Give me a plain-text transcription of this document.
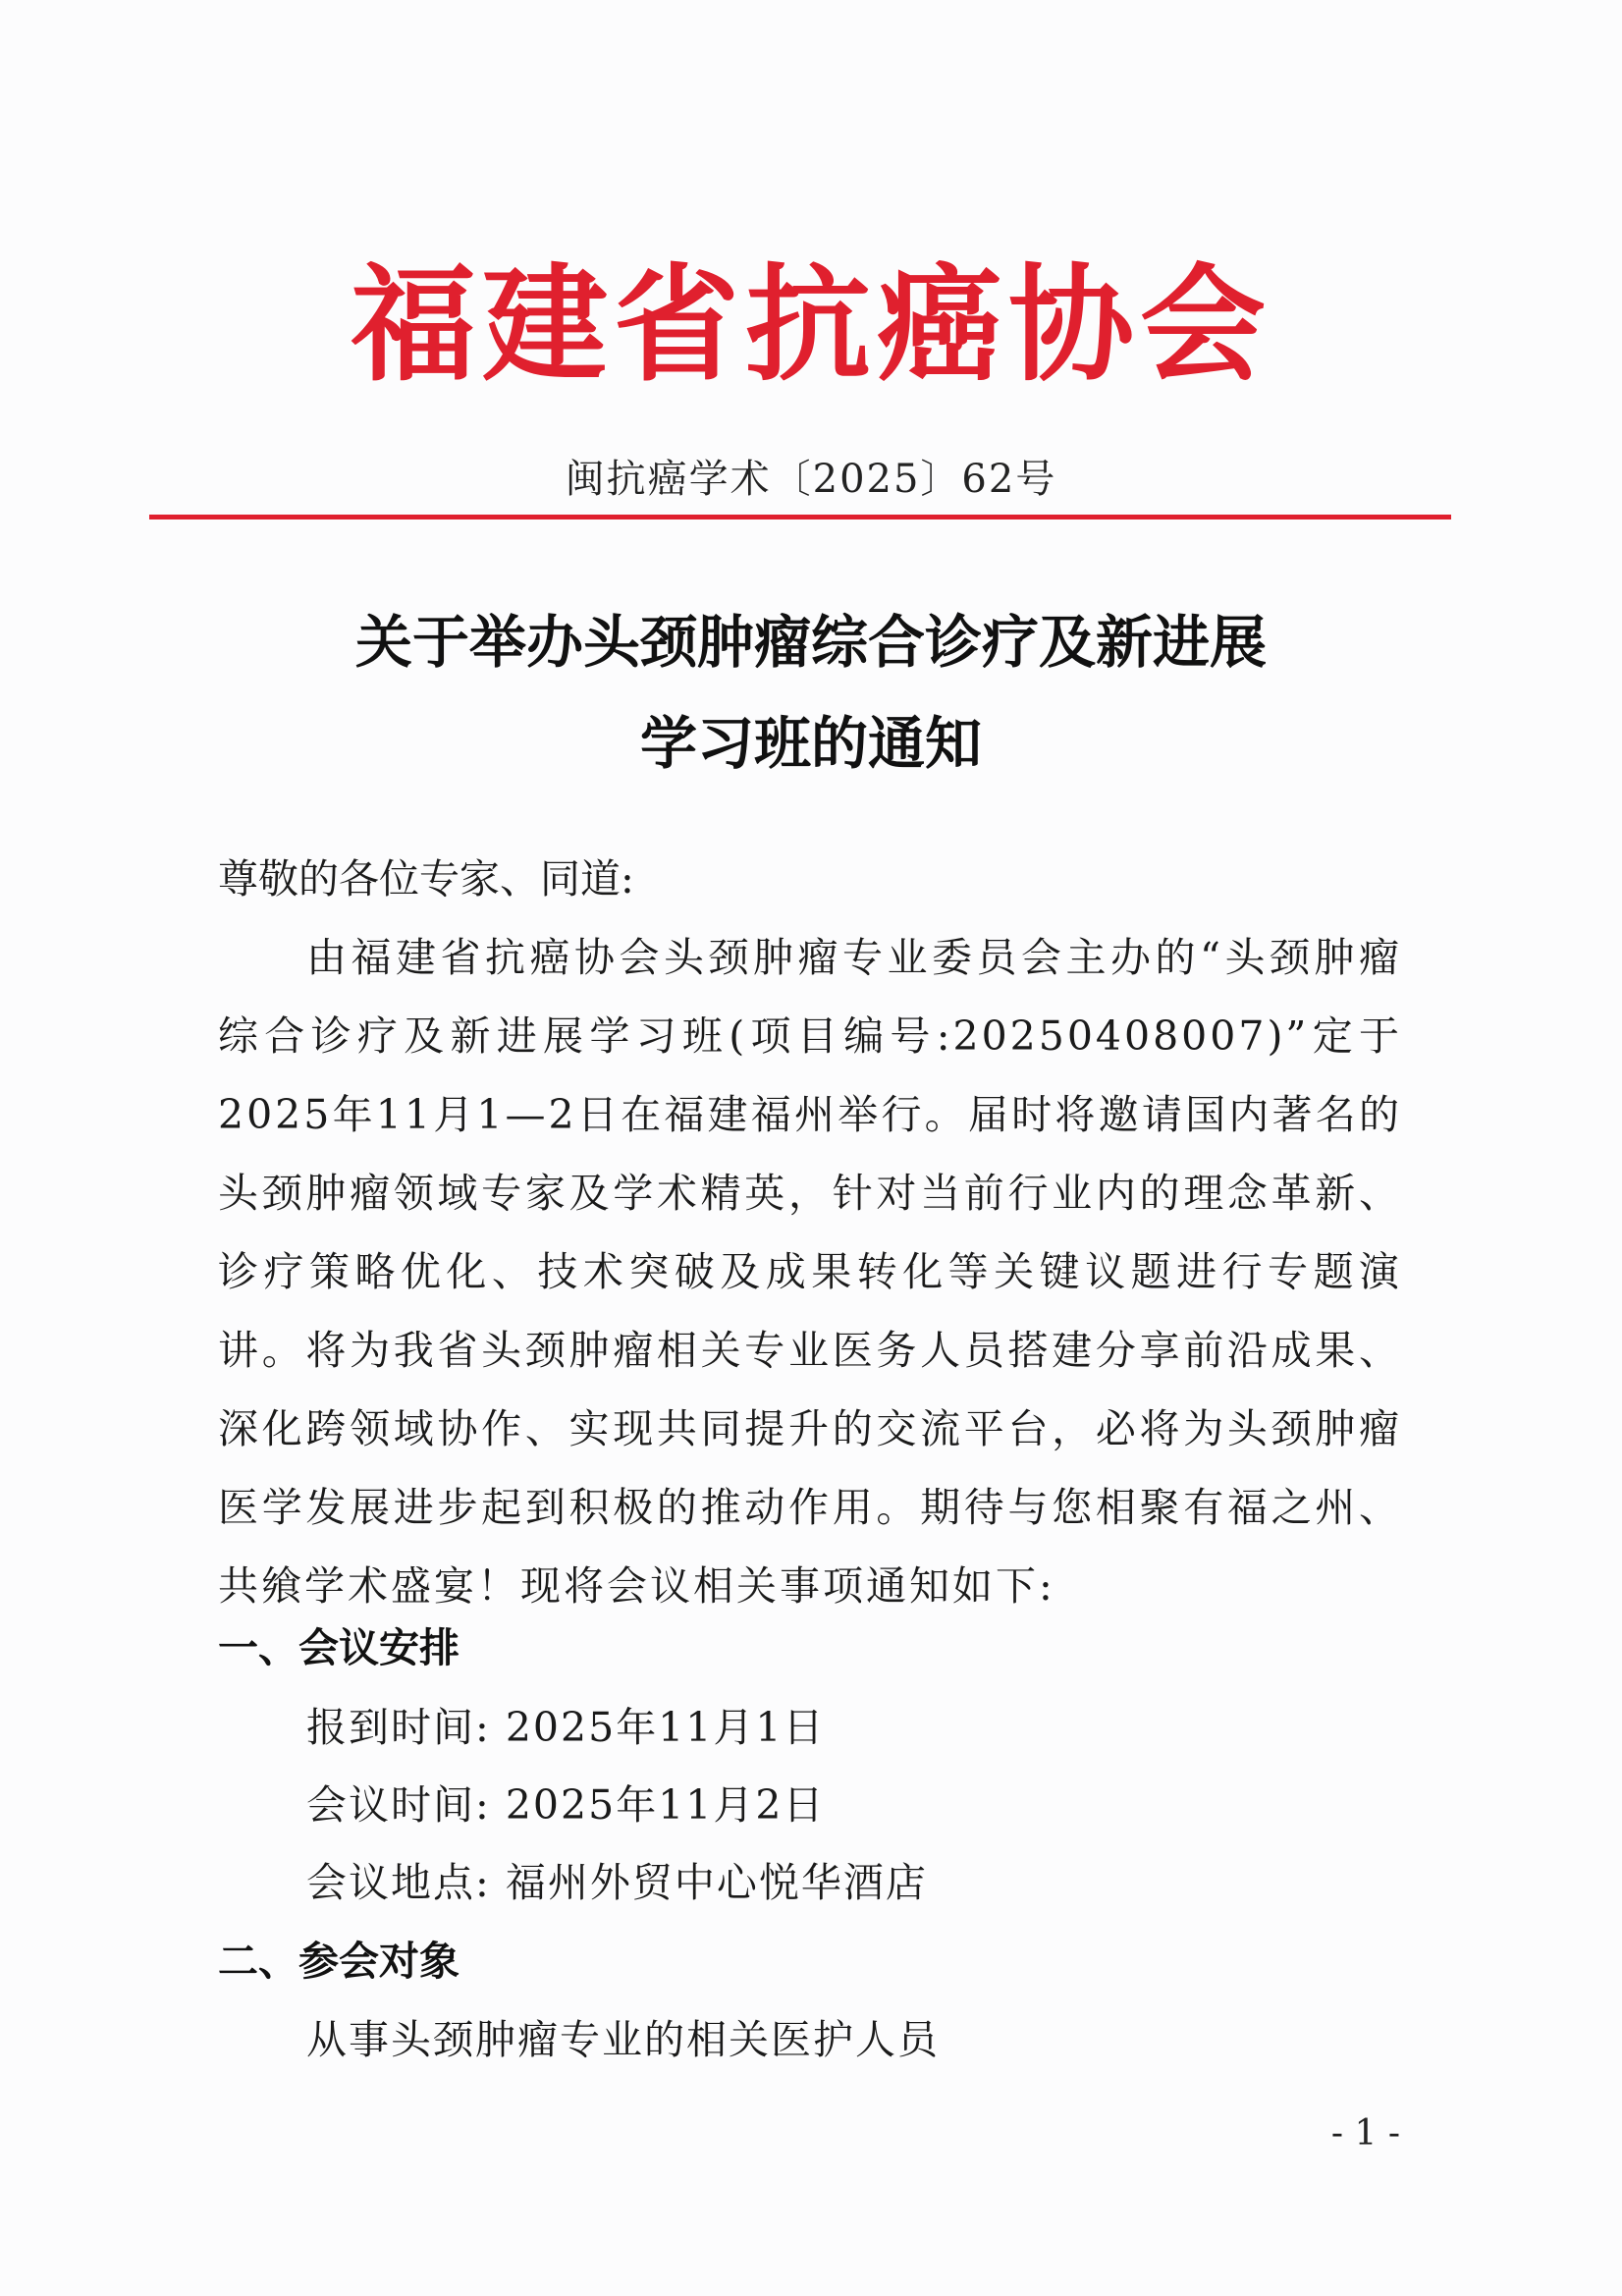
福建省抗癌协会
闽抗癌学术〔2025〕62号
关于举办头颈肿瘤综合诊疗及新进展
学习班的通知
尊敬的各位专家、同道:
由福建省抗癌协会头颈肿瘤专业委员会主办的“头颈肿瘤综合诊疗及新进展学习班(项目编号:20250408007)”定于2025年11月1—2日在福建福州举行。届时将邀请国内著名的头颈肿瘤领域专家及学术精英，针对当前行业内的理念革新、诊疗策略优化、技术突破及成果转化等关键议题进行专题演讲。将为我省头颈肿瘤相关专业医务人员搭建分享前沿成果、深化跨领域协作、实现共同提升的交流平台，必将为头颈肿瘤医学发展进步起到积极的推动作用。期待与您相聚有福之州、共飨学术盛宴！现将会议相关事项通知如下:
一、会议安排
报到时间: 2025年11月1日
会议时间: 2025年11月2日
会议地点: 福州外贸中心悦华酒店
二、参会对象
从事头颈肿瘤专业的相关医护人员
- 1 -
